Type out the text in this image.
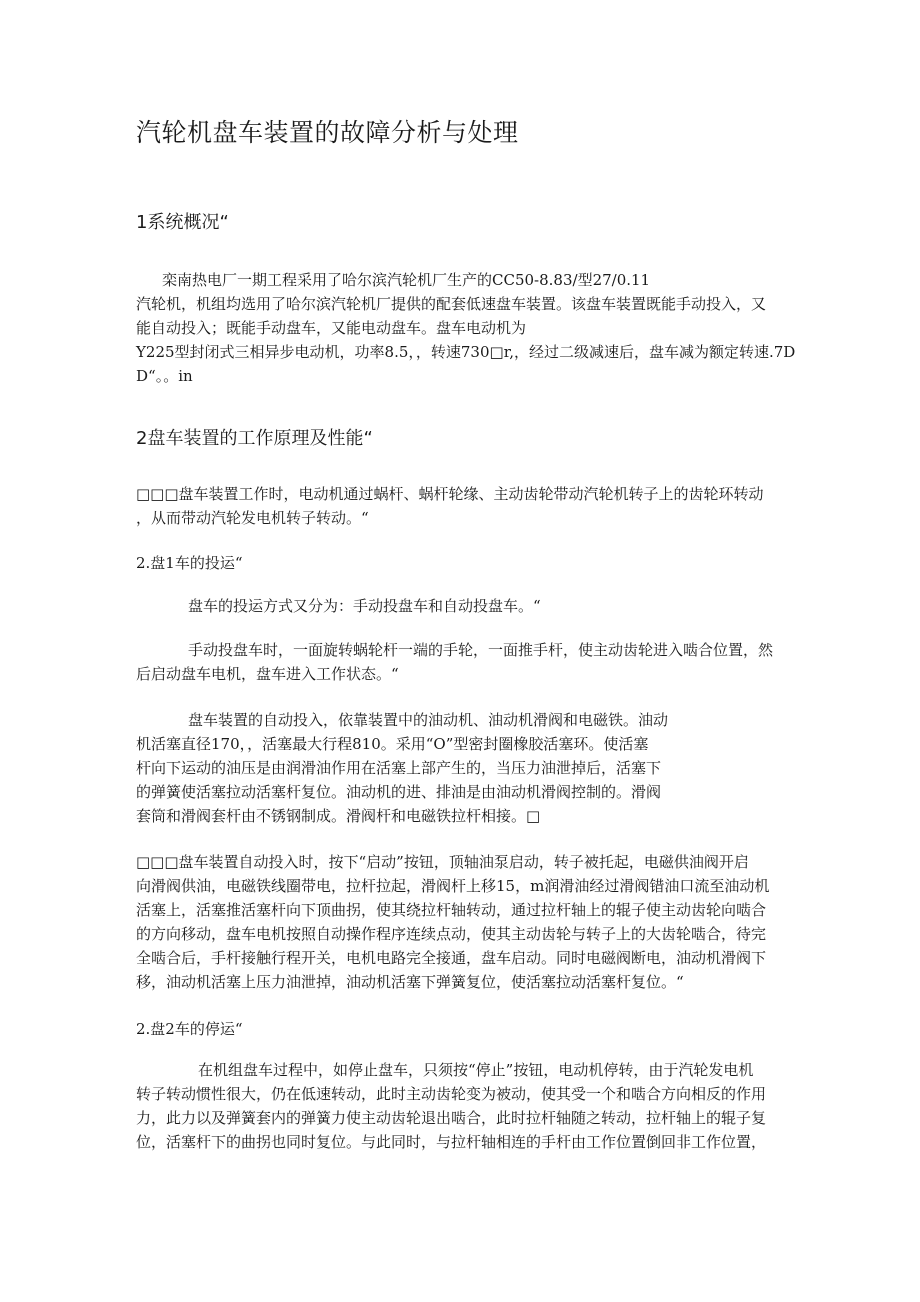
汽轮机盘车装置的故障分析与处理
1系统概况“
栾南热电厂一期工程采用了哈尔滨汽轮机厂生产的CC50-8.83/型27/0.11
汽轮机，机组均选用了哈尔滨汽轮机厂提供的配套低速盘车装置。该盘车装置既能手动投入，又
能自动投入；既能手动盘车，又能电动盘车。盘车电动机为
Y225型封闭式三相异步电动机，功率8.5，，转速730□r,，经过二级减速后，盘车减为额定转速.7D
D“。。in
2盘车装置的工作原理及性能“
□□□盘车装置工作时，电动机通过蜗杆、蜗杆轮缘、主动齿轮带动汽轮机转子上的齿轮环转动
，从而带动汽轮发电机转子转动。“
2.盘1车的投运“
盘车的投运方式又分为：手动投盘车和自动投盘车。“
手动投盘车时，一面旋转蜗轮杆一端的手轮，一面推手杆，使主动齿轮进入啮合位置，然
后启动盘车电机，盘车进入工作状态。“
盘车装置的自动投入，依靠装置中的油动机、油动机滑阀和电磁铁。油动
机活塞直径170，，活塞最大行程810。采用“O”型密封圈橡胶活塞环。使活塞
杆向下运动的油压是由润滑油作用在活塞上部产生的，当压力油泄掉后，活塞下
的弹簧使活塞拉动活塞杆复位。油动机的进、排油是由油动机滑阀控制的。滑阀
套筒和滑阀套杆由不锈钢制成。滑阀杆和电磁铁拉杆相接。□
□□□盘车装置自动投入时，按下“启动”按钮，顶轴油泵启动，转子被托起，电磁供油阀开启
向滑阀供油，电磁铁线圈带电，拉杆拉起，滑阀杆上移15，m润滑油经过滑阀错油口流至油动机
活塞上，活塞推活塞杆向下顶曲拐，使其绕拉杆轴转动，通过拉杆轴上的辊子使主动齿轮向啮合
的方向移动，盘车电机按照自动操作程序连续点动，使其主动齿轮与转子上的大齿轮啮合，待完
全啮合后，手杆接触行程开关，电机电路完全接通，盘车启动。同时电磁阀断电，油动机滑阀下
移，油动机活塞上压力油泄掉，油动机活塞下弹簧复位，使活塞拉动活塞杆复位。“
2.盘2车的停运“
在机组盘车过程中，如停止盘车，只须按“停止”按钮，电动机停转，由于汽轮发电机
转子转动惯性很大，仍在低速转动，此时主动齿轮变为被动，使其受一个和啮合方向相反的作用
力，此力以及弹簧套内的弹簧力使主动齿轮退出啮合，此时拉杆轴随之转动，拉杆轴上的辊子复
位，活塞杆下的曲拐也同时复位。与此同时，与拉杆轴相连的手杆由工作位置倒回非工作位置，
